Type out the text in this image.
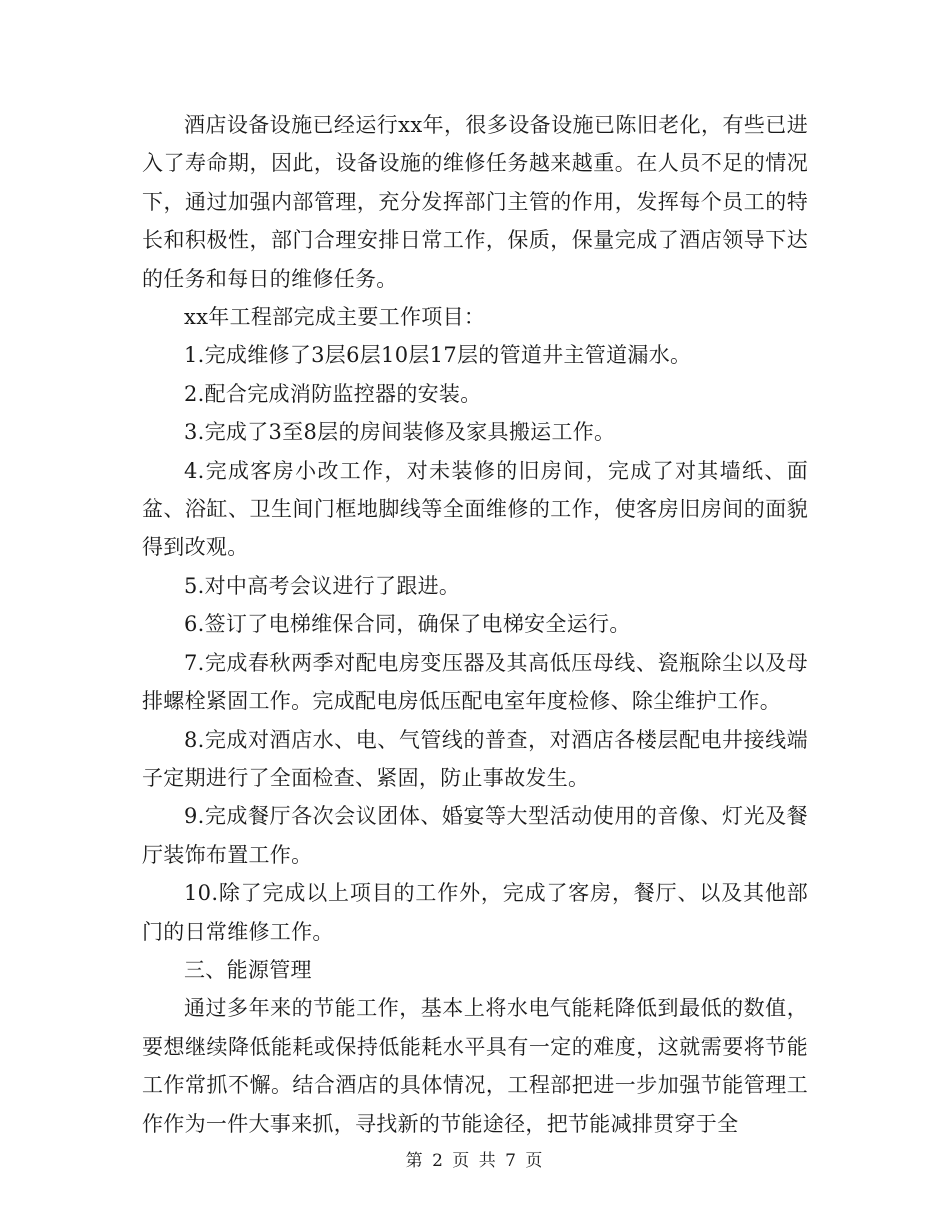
酒店设备设施已经运行xx年，很多设备设施已陈旧老化，有些已进入了寿命期，因此，设备设施的维修任务越来越重。在人员不足的情况下，通过加强内部管理，充分发挥部门主管的作用，发挥每个员工的特长和积极性，部门合理安排日常工作，保质，保量完成了酒店领导下达的任务和每日的维修任务。

xx年工程部完成主要工作项目：

1.完成维修了3层6层10层17层的管道井主管道漏水。

2.配合完成消防监控器的安装。

3.完成了3至8层的房间装修及家具搬运工作。

4.完成客房小改工作，对未装修的旧房间，完成了对其墙纸、面盆、浴缸、卫生间门框地脚线等全面维修的工作，使客房旧房间的面貌得到改观。

5.对中高考会议进行了跟进。

6.签订了电梯维保合同，确保了电梯安全运行。

7.完成春秋两季对配电房变压器及其高低压母线、瓷瓶除尘以及母排螺栓紧固工作。完成配电房低压配电室年度检修、除尘维护工作。

8.完成对酒店水、电、气管线的普查，对酒店各楼层配电井接线端子定期进行了全面检查、紧固，防止事故发生。

9.完成餐厅各次会议团体、婚宴等大型活动使用的音像、灯光及餐厅装饰布置工作。

10.除了完成以上项目的工作外，完成了客房，餐厅、以及其他部门的日常维修工作。

三、能源管理

通过多年来的节能工作，基本上将水电气能耗降低到最低的数值，要想继续降低能耗或保持低能耗水平具有一定的难度，这就需要将节能工作常抓不懈。结合酒店的具体情况，工程部把进一步加强节能管理工作作为一件大事来抓，寻找新的节能途径，把节能减排贯穿于全

第 2 页 共 7 页
